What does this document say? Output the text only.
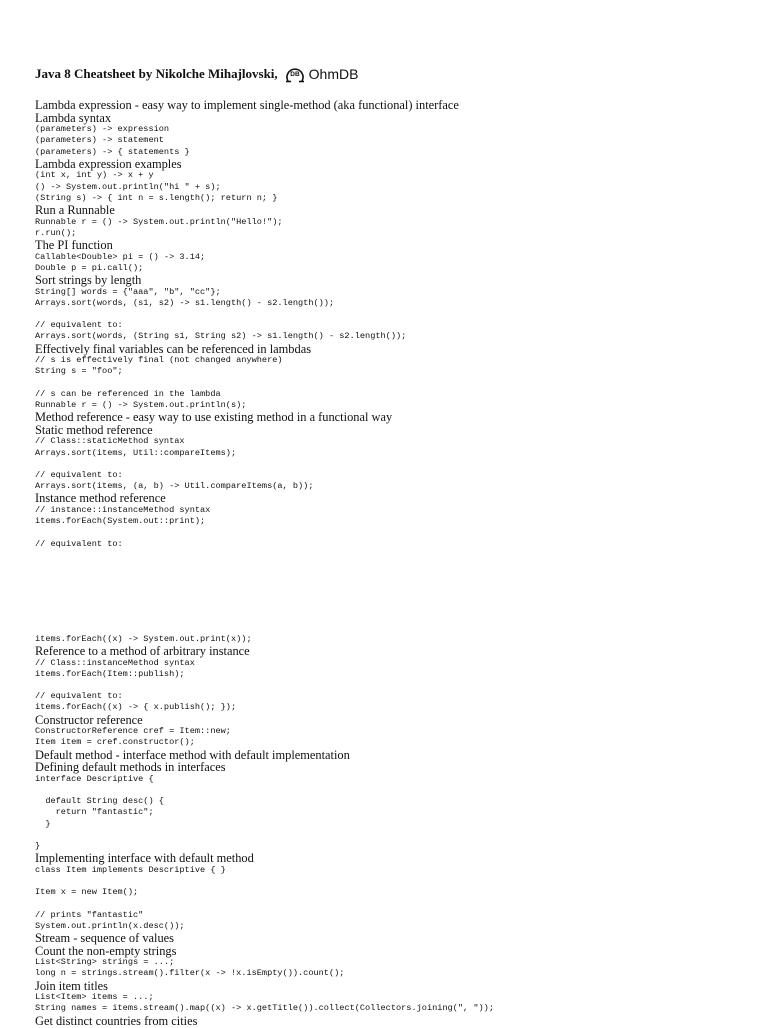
Java 8 Cheatsheet by Nikolche Mihajlovski, DB OhmDB
Lambda expression - easy way to implement single-method (aka functional) interface
Lambda syntax
(parameters) -> expression
(parameters) -> statement
(parameters) -> { statements }
Lambda expression examples
(int x, int y) -> x + y
() -> System.out.println("hi " + s);
(String s) -> { int n = s.length(); return n; }
Run a Runnable
Runnable r = () -> System.out.println("Hello!");
r.run();
The PI function
Callable<Double> pi = () -> 3.14;
Double p = pi.call();
Sort strings by length
String[] words = {"aaa", "b", "cc"};
Arrays.sort(words, (s1, s2) -> s1.length() - s2.length());
// equivalent to:
Arrays.sort(words, (String s1, String s2) -> s1.length() - s2.length());
Effectively final variables can be referenced in lambdas
// s is effectively final (not changed anywhere)
String s = "foo";
// s can be referenced in the lambda
Runnable r = () -> System.out.println(s);
Method reference - easy way to use existing method in a functional way
Static method reference
// Class::staticMethod syntax
Arrays.sort(items, Util::compareItems);
// equivalent to:
Arrays.sort(items, (a, b) -> Util.compareItems(a, b));
Instance method reference
// instance::instanceMethod syntax
items.forEach(System.out::print);
// equivalent to:
items.forEach((x) -> System.out.print(x));
Reference to a method of arbitrary instance
// Class::instanceMethod syntax
items.forEach(Item::publish);
// equivalent to:
items.forEach((x) -> { x.publish(); });
Constructor reference
ConstructorReference cref = Item::new;
Item item = cref.constructor();
Default method - interface method with default implementation
Defining default methods in interfaces
interface Descriptive {
default String desc() {
return "fantastic";
}
}
Implementing interface with default method
class Item implements Descriptive { }
Item x = new Item();
// prints "fantastic"
System.out.println(x.desc());
Stream - sequence of values
Count the non-empty strings
List<String> strings = ...;
long n = strings.stream().filter(x -> !x.isEmpty()).count();
Join item titles
List<Item> items = ...;
String names = items.stream().map((x) -> x.getTitle()).collect(Collectors.joining(", "));
Get distinct countries from cities
